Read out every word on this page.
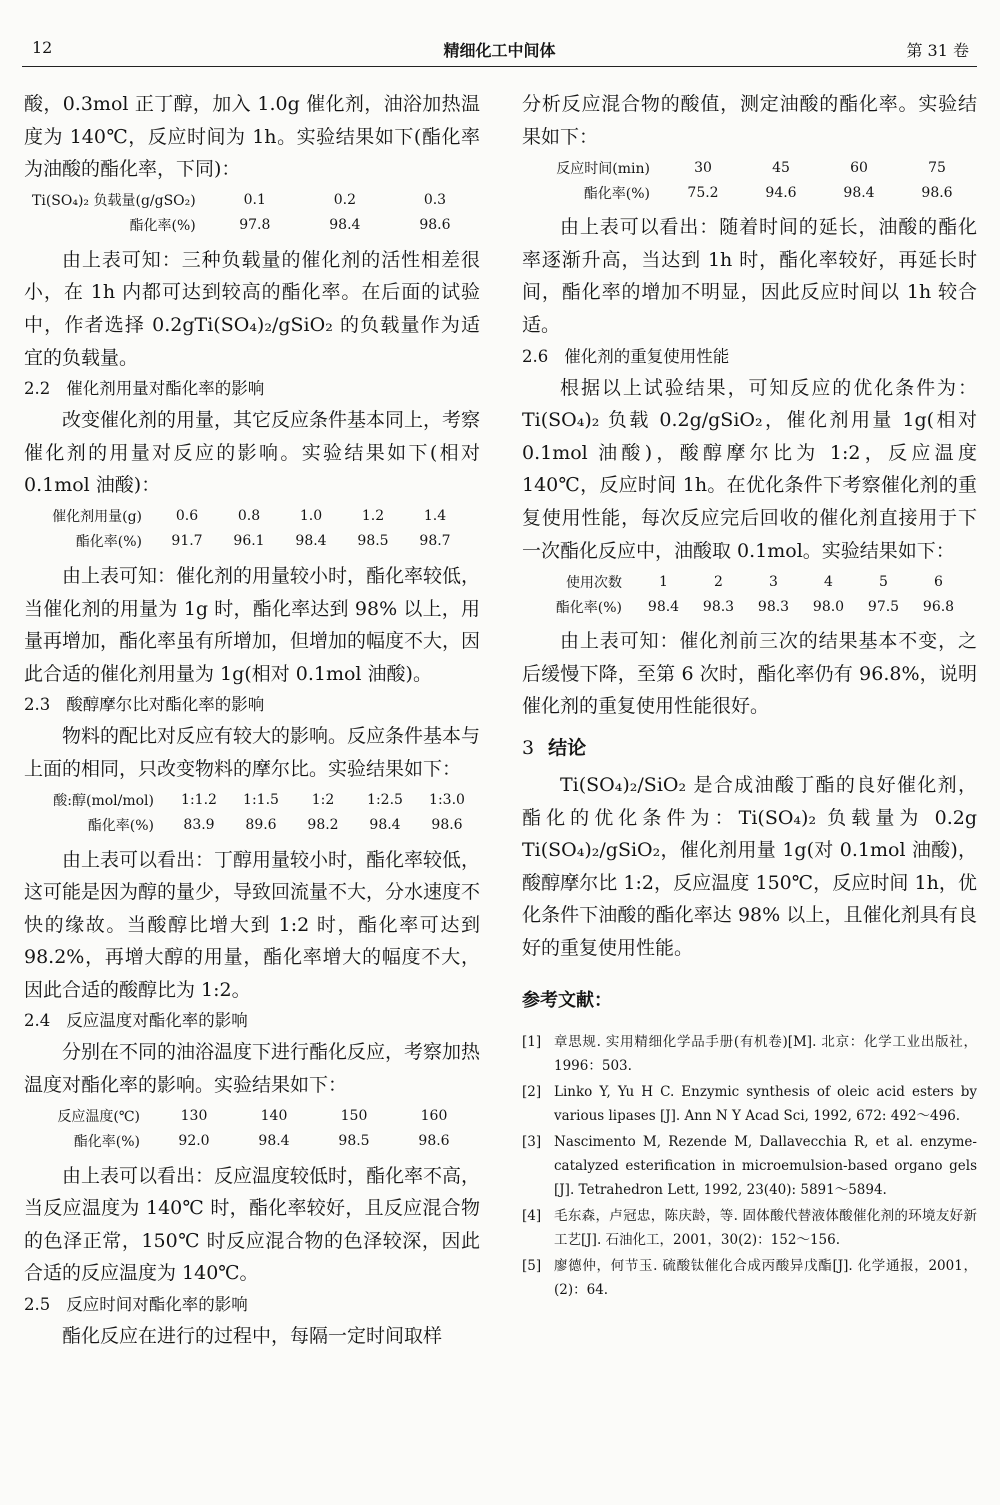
12	精细化工中间体	第 31 卷

酸，0.3mol 正丁醇，加入 1.0g 催化剂，油浴加热温度为 140℃，反应时间为 1h。实验结果如下(酯化率为油酸的酯化率，下同)：

Ti(SO₄)₂ 负载量(g/gSO₂)	0.1	0.2	0.3
酯化率(%)	97.8	98.4	98.6

由上表可知：三种负载量的催化剂的活性相差很小，在 1h 内都可达到较高的酯化率。在后面的试验中，作者选择 0.2gTi(SO₄)₂/gSiO₂ 的负载量作为适宜的负载量。

2.2 催化剂用量对酯化率的影响

改变催化剂的用量，其它反应条件基本同上，考察催化剂的用量对反应的影响。实验结果如下(相对 0.1mol 油酸)：

催化剂用量(g)	0.6	0.8	1.0	1.2	1.4
酯化率(%)	91.7	96.1	98.4	98.5	98.7

由上表可知：催化剂的用量较小时，酯化率较低，当催化剂的用量为 1g 时，酯化率达到 98% 以上，用量再增加，酯化率虽有所增加，但增加的幅度不大，因此合适的催化剂用量为 1g(相对 0.1mol 油酸)。

2.3 酸醇摩尔比对酯化率的影响

物料的配比对反应有较大的影响。反应条件基本与上面的相同，只改变物料的摩尔比。实验结果如下：

酸:醇(mol/mol)	1:1.2	1:1.5	1:2	1:2.5	1:3.0
酯化率(%)	83.9	89.6	98.2	98.4	98.6

由上表可以看出：丁醇用量较小时，酯化率较低，这可能是因为醇的量少，导致回流量不大，分水速度不快的缘故。当酸醇比增大到 1:2 时，酯化率可达到 98.2%，再增大醇的用量，酯化率增大的幅度不大，因此合适的酸醇比为 1:2。

2.4 反应温度对酯化率的影响

分别在不同的油浴温度下进行酯化反应，考察加热温度对酯化率的影响。实验结果如下：

反应温度(℃)	130	140	150	160
酯化率(%)	92.0	98.4	98.5	98.6

由上表可以看出：反应温度较低时，酯化率不高，当反应温度为 140℃ 时，酯化率较好，且反应混合物的色泽正常，150℃ 时反应混合物的色泽较深，因此合适的反应温度为 140℃。

2.5 反应时间对酯化率的影响

酯化反应在进行的过程中，每隔一定时间取样

分析反应混合物的酸值，测定油酸的酯化率。实验结果如下：

反应时间(min)	30	45	60	75
酯化率(%)	75.2	94.6	98.4	98.6

由上表可以看出：随着时间的延长，油酸的酯化率逐渐升高，当达到 1h 时，酯化率较好，再延长时间，酯化率的增加不明显，因此反应时间以 1h 较合适。

2.6 催化剂的重复使用性能

根据以上试验结果，可知反应的优化条件为：Ti(SO₄)₂ 负载 0.2g/gSiO₂，催化剂用量 1g(相对 0.1mol 油酸)，酸醇摩尔比为 1:2，反应温度 140℃，反应时间 1h。在优化条件下考察催化剂的重复使用性能，每次反应完后回收的催化剂直接用于下一次酯化反应中，油酸取 0.1mol。实验结果如下：

使用次数	1	2	3	4	5	6
酯化率(%)	98.4	98.3	98.3	98.0	97.5	96.8

由上表可知：催化剂前三次的结果基本不变，之后缓慢下降，至第 6 次时，酯化率仍有 96.8%，说明催化剂的重复使用性能很好。

3 结论

Ti(SO₄)₂/SiO₂ 是合成油酸丁酯的良好催化剂，酯化的优化条件为：Ti(SO₄)₂ 负载量为 0.2g Ti(SO₄)₂/gSiO₂，催化剂用量 1g(对 0.1mol 油酸)，酸醇摩尔比 1:2，反应温度 150℃，反应时间 1h，优化条件下油酸的酯化率达 98% 以上，且催化剂具有良好的重复使用性能。

参考文献：
[1] 章思规. 实用精细化学品手册(有机卷)[M]. 北京：化学工业出版社，1996：503.
[2] Linko Y, Yu H C. Enzymic synthesis of oleic acid esters by various lipases [J]. Ann N Y Acad Sci, 1992, 672: 492～496.
[3] Nascimento M, Rezende M, Dallavecchia R, et al. enzyme-catalyzed esterification in microemulsion-based organo gels [J]. Tetrahedron Lett, 1992, 23(40): 5891～5894.
[4] 毛东森，卢冠忠，陈庆龄，等. 固体酸代替液体酸催化剂的环境友好新工艺[J]. 石油化工，2001，30(2)：152～156.
[5] 廖德仲，何节玉. 硫酸钛催化合成丙酸异戊酯[J]. 化学通报，2001，(2)：64.
